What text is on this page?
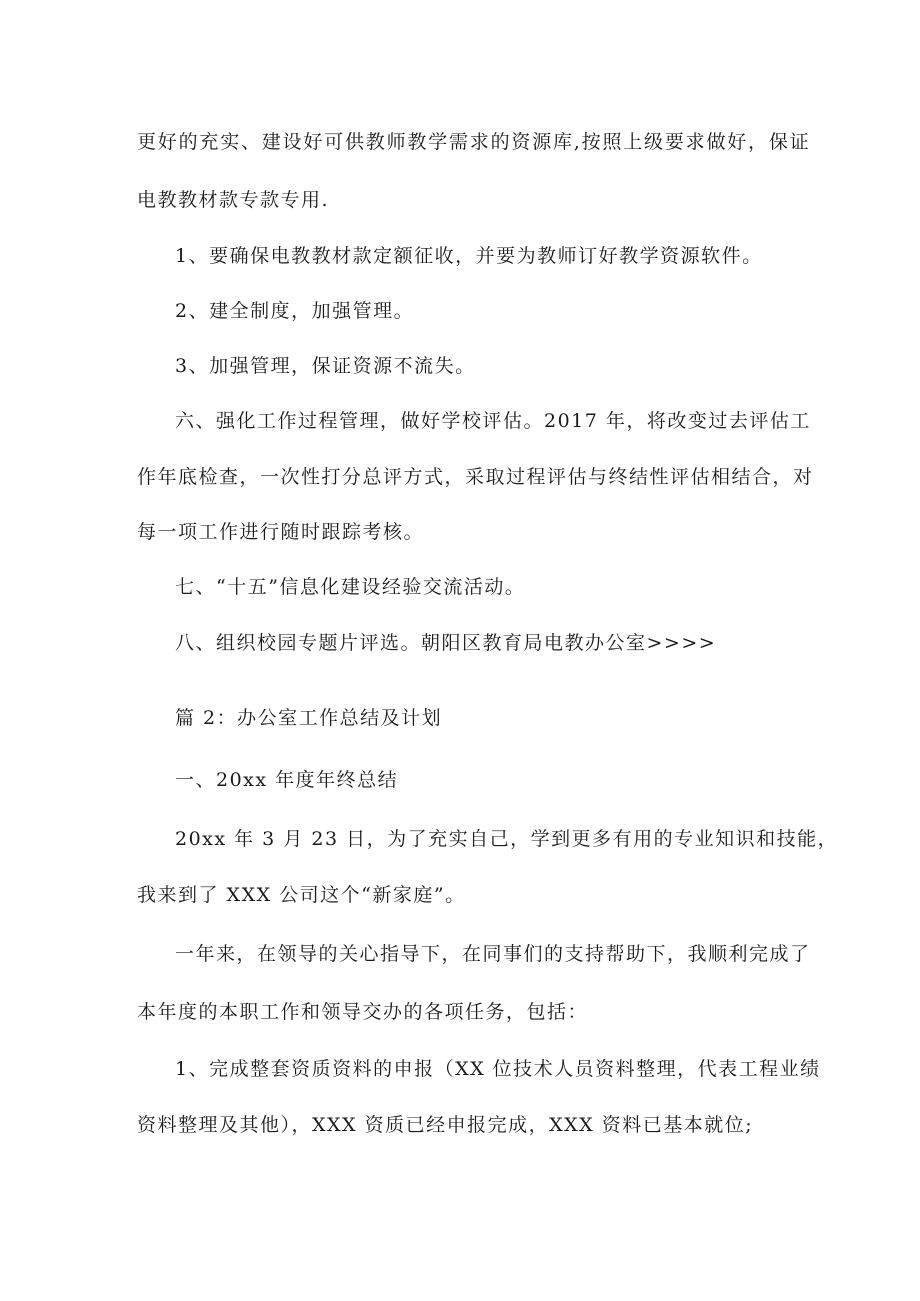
更好的充实、建设好可供教师教学需求的资源库,按照上级要求做好，保证
电教教材款专款专用.
1、要确保电教教材款定额征收，并要为教师订好教学资源软件。
2、建全制度，加强管理。
3、加强管理，保证资源不流失。
六、强化工作过程管理，做好学校评估。2017 年，将改变过去评估工
作年底检查，一次性打分总评方式，采取过程评估与终结性评估相结合，对
每一项工作进行随时跟踪考核。
七、“十五”信息化建设经验交流活动。
八、组织校园专题片评选。朝阳区教育局电教办公室>>>>
篇 2：办公室工作总结及计划
一、20xx 年度年终总结
20xx 年 3 月 23 日，为了充实自己，学到更多有用的专业知识和技能，
我来到了 XXX 公司这个“新家庭”。
一年来，在领导的关心指导下，在同事们的支持帮助下，我顺利完成了
本年度的本职工作和领导交办的各项任务，包括：
1、完成整套资质资料的申报（XX 位技术人员资料整理，代表工程业绩
资料整理及其他），XXX 资质已经申报完成，XXX 资料已基本就位;
